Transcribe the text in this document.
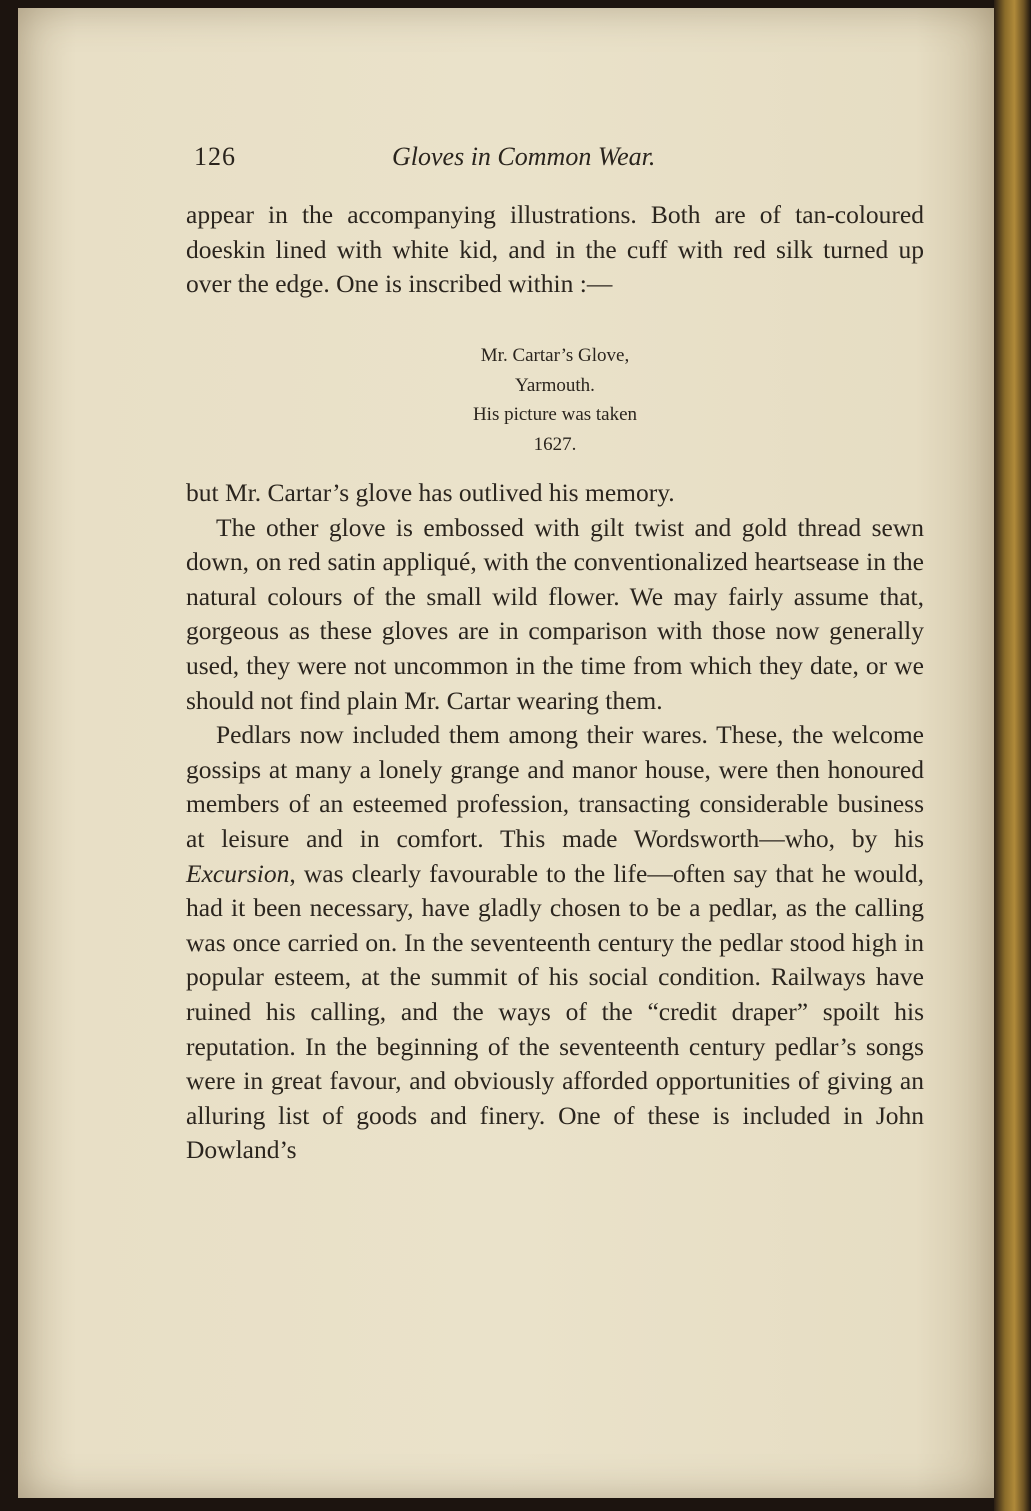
126	Gloves in Common Wear.

appear in the accompanying illustrations. Both are of tan-coloured doeskin lined with white kid, and in the cuff with red silk turned up over the edge. One is inscribed within :—

Mr. Cartar’s Glove,
Yarmouth.
His picture was taken
1627.

but Mr. Cartar’s glove has outlived his memory.

The other glove is embossed with gilt twist and gold thread sewn down, on red satin appliqué, with the conventionalized heartsease in the natural colours of the small wild flower. We may fairly assume that, gorgeous as these gloves are in comparison with those now generally used, they were not uncommon in the time from which they date, or we should not find plain Mr. Cartar wearing them.

Pedlars now included them among their wares. These, the welcome gossips at many a lonely grange and manor house, were then honoured members of an esteemed profession, transacting considerable business at leisure and in comfort. This made Wordsworth—who, by his Excursion, was clearly favourable to the life—often say that he would, had it been necessary, have gladly chosen to be a pedlar, as the calling was once carried on. In the seventeenth century the pedlar stood high in popular esteem, at the summit of his social condition. Railways have ruined his calling, and the ways of the “credit draper” spoilt his reputation. In the beginning of the seventeenth century pedlar’s songs were in great favour, and obviously afforded opportunities of giving an alluring list of goods and finery. One of these is included in John Dowland’s
